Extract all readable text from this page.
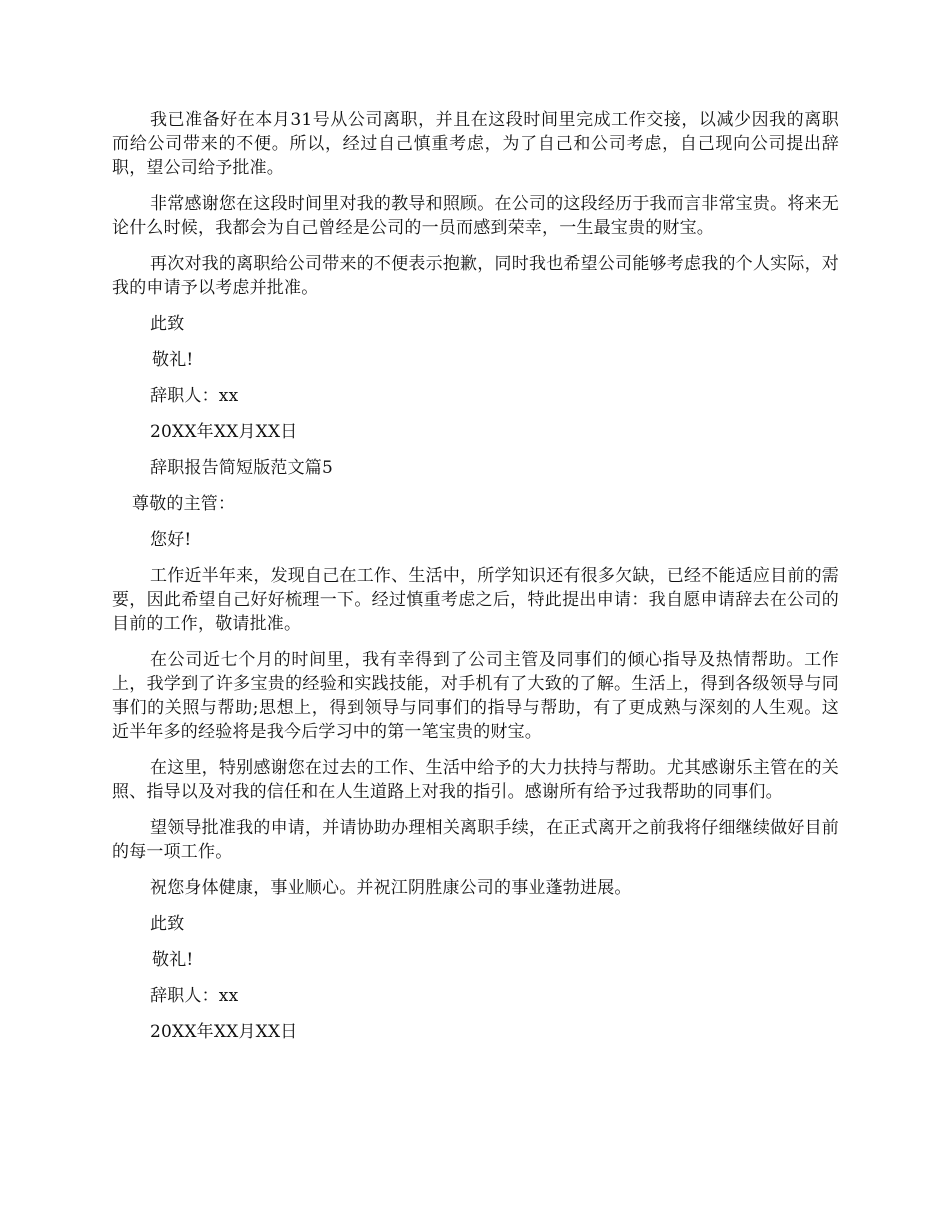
我已准备好在本月31号从公司离职，并且在这段时间里完成工作交接，以减少因我的离职而给公司带来的不便。所以，经过自己慎重考虑，为了自己和公司考虑，自己现向公司提出辞职，望公司给予批准。

非常感谢您在这段时间里对我的教导和照顾。在公司的这段经历于我而言非常宝贵。将来无论什么时候，我都会为自己曾经是公司的一员而感到荣幸，一生最宝贵的财宝。

再次对我的离职给公司带来的不便表示抱歉，同时我也希望公司能够考虑我的个人实际，对我的申请予以考虑并批准。

此致

敬礼!

辞职人：xx

20XX年XX月XX日

辞职报告简短版范文篇5

尊敬的主管：

您好!

工作近半年来，发现自己在工作、生活中，所学知识还有很多欠缺，已经不能适应目前的需要，因此希望自己好好梳理一下。经过慎重考虑之后，特此提出申请：我自愿申请辞去在公司的目前的工作，敬请批准。

在公司近七个月的时间里，我有幸得到了公司主管及同事们的倾心指导及热情帮助。工作上，我学到了许多宝贵的经验和实践技能，对手机有了大致的了解。生活上，得到各级领导与同事们的关照与帮助;思想上，得到领导与同事们的指导与帮助，有了更成熟与深刻的人生观。这近半年多的经验将是我今后学习中的第一笔宝贵的财宝。

在这里，特别感谢您在过去的工作、生活中给予的大力扶持与帮助。尤其感谢乐主管在的关照、指导以及对我的信任和在人生道路上对我的指引。感谢所有给予过我帮助的同事们。

望领导批准我的申请，并请协助办理相关离职手续，在正式离开之前我将仔细继续做好目前的每一项工作。

祝您身体健康，事业顺心。并祝江阴胜康公司的事业蓬勃进展。

此致

敬礼!

辞职人：xx

20XX年XX月XX日
